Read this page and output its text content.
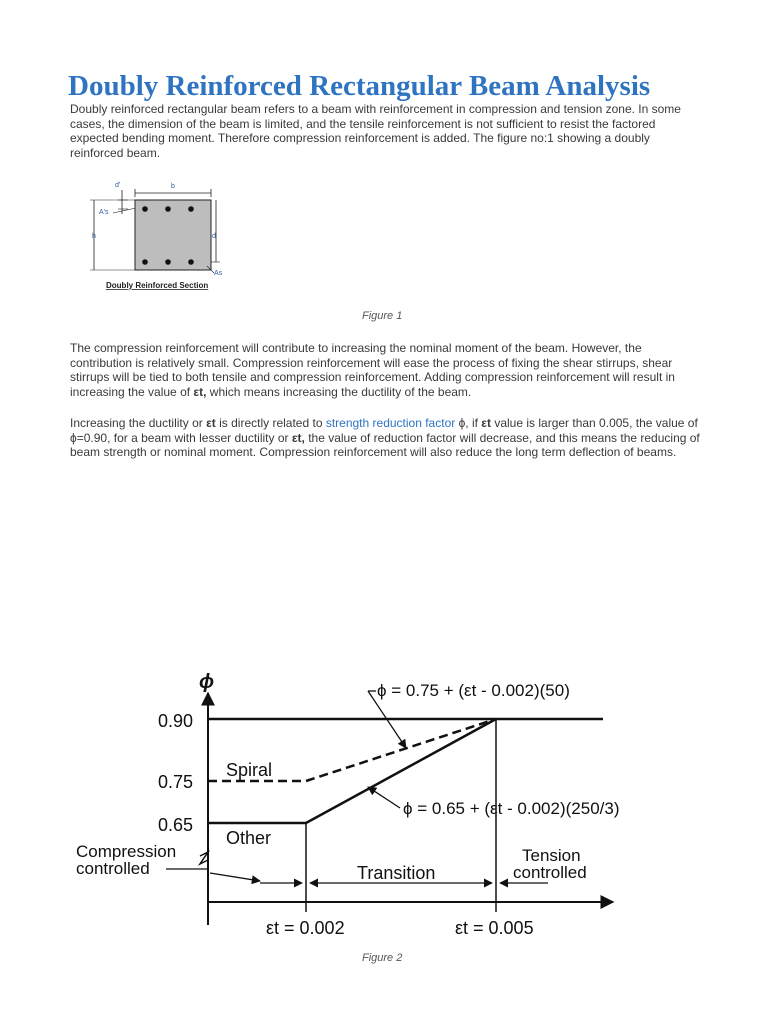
Doubly Reinforced Rectangular Beam Analysis

Doubly reinforced rectangular beam refers to a beam with reinforcement in compression and tension zone. In some cases, the dimension of the beam is limited, and the tensile reinforcement is not sufficient to resist the factored expected bending moment. Therefore compression reinforcement is added. The figure no:1 showing a doubly reinforced beam.

b
d'
A's
h	d
As
Doubly Reinforced Section
Figure 1

The compression reinforcement will contribute to increasing the nominal moment of the beam. However, the contribution is relatively small. Compression reinforcement will ease the process of fixing the shear stirrups, shear stirrups will be tied to both tensile and compression reinforcement. Adding compression reinforcement will result in increasing the value of εt, which means increasing the ductility of the beam.

Increasing the ductility or εt is directly related to strength reduction factor ϕ, if εt value is larger than 0.005, the value of ϕ=0.90, for a beam with lesser ductility or εt, the value of reduction factor will decrease, and this means the reducing of beam strength or nominal moment. Compression reinforcement will also reduce the long term deflection of beams.

ϕ
0.90
0.75
0.65
Spiral
Other
ϕ = 0.75 + (εt - 0.002)(50)
ϕ = 0.65 + (εt - 0.002)(250/3)
Compression
controlled	Transition
Tension
controlled
εt = 0.002	εt = 0.005
Figure 2
